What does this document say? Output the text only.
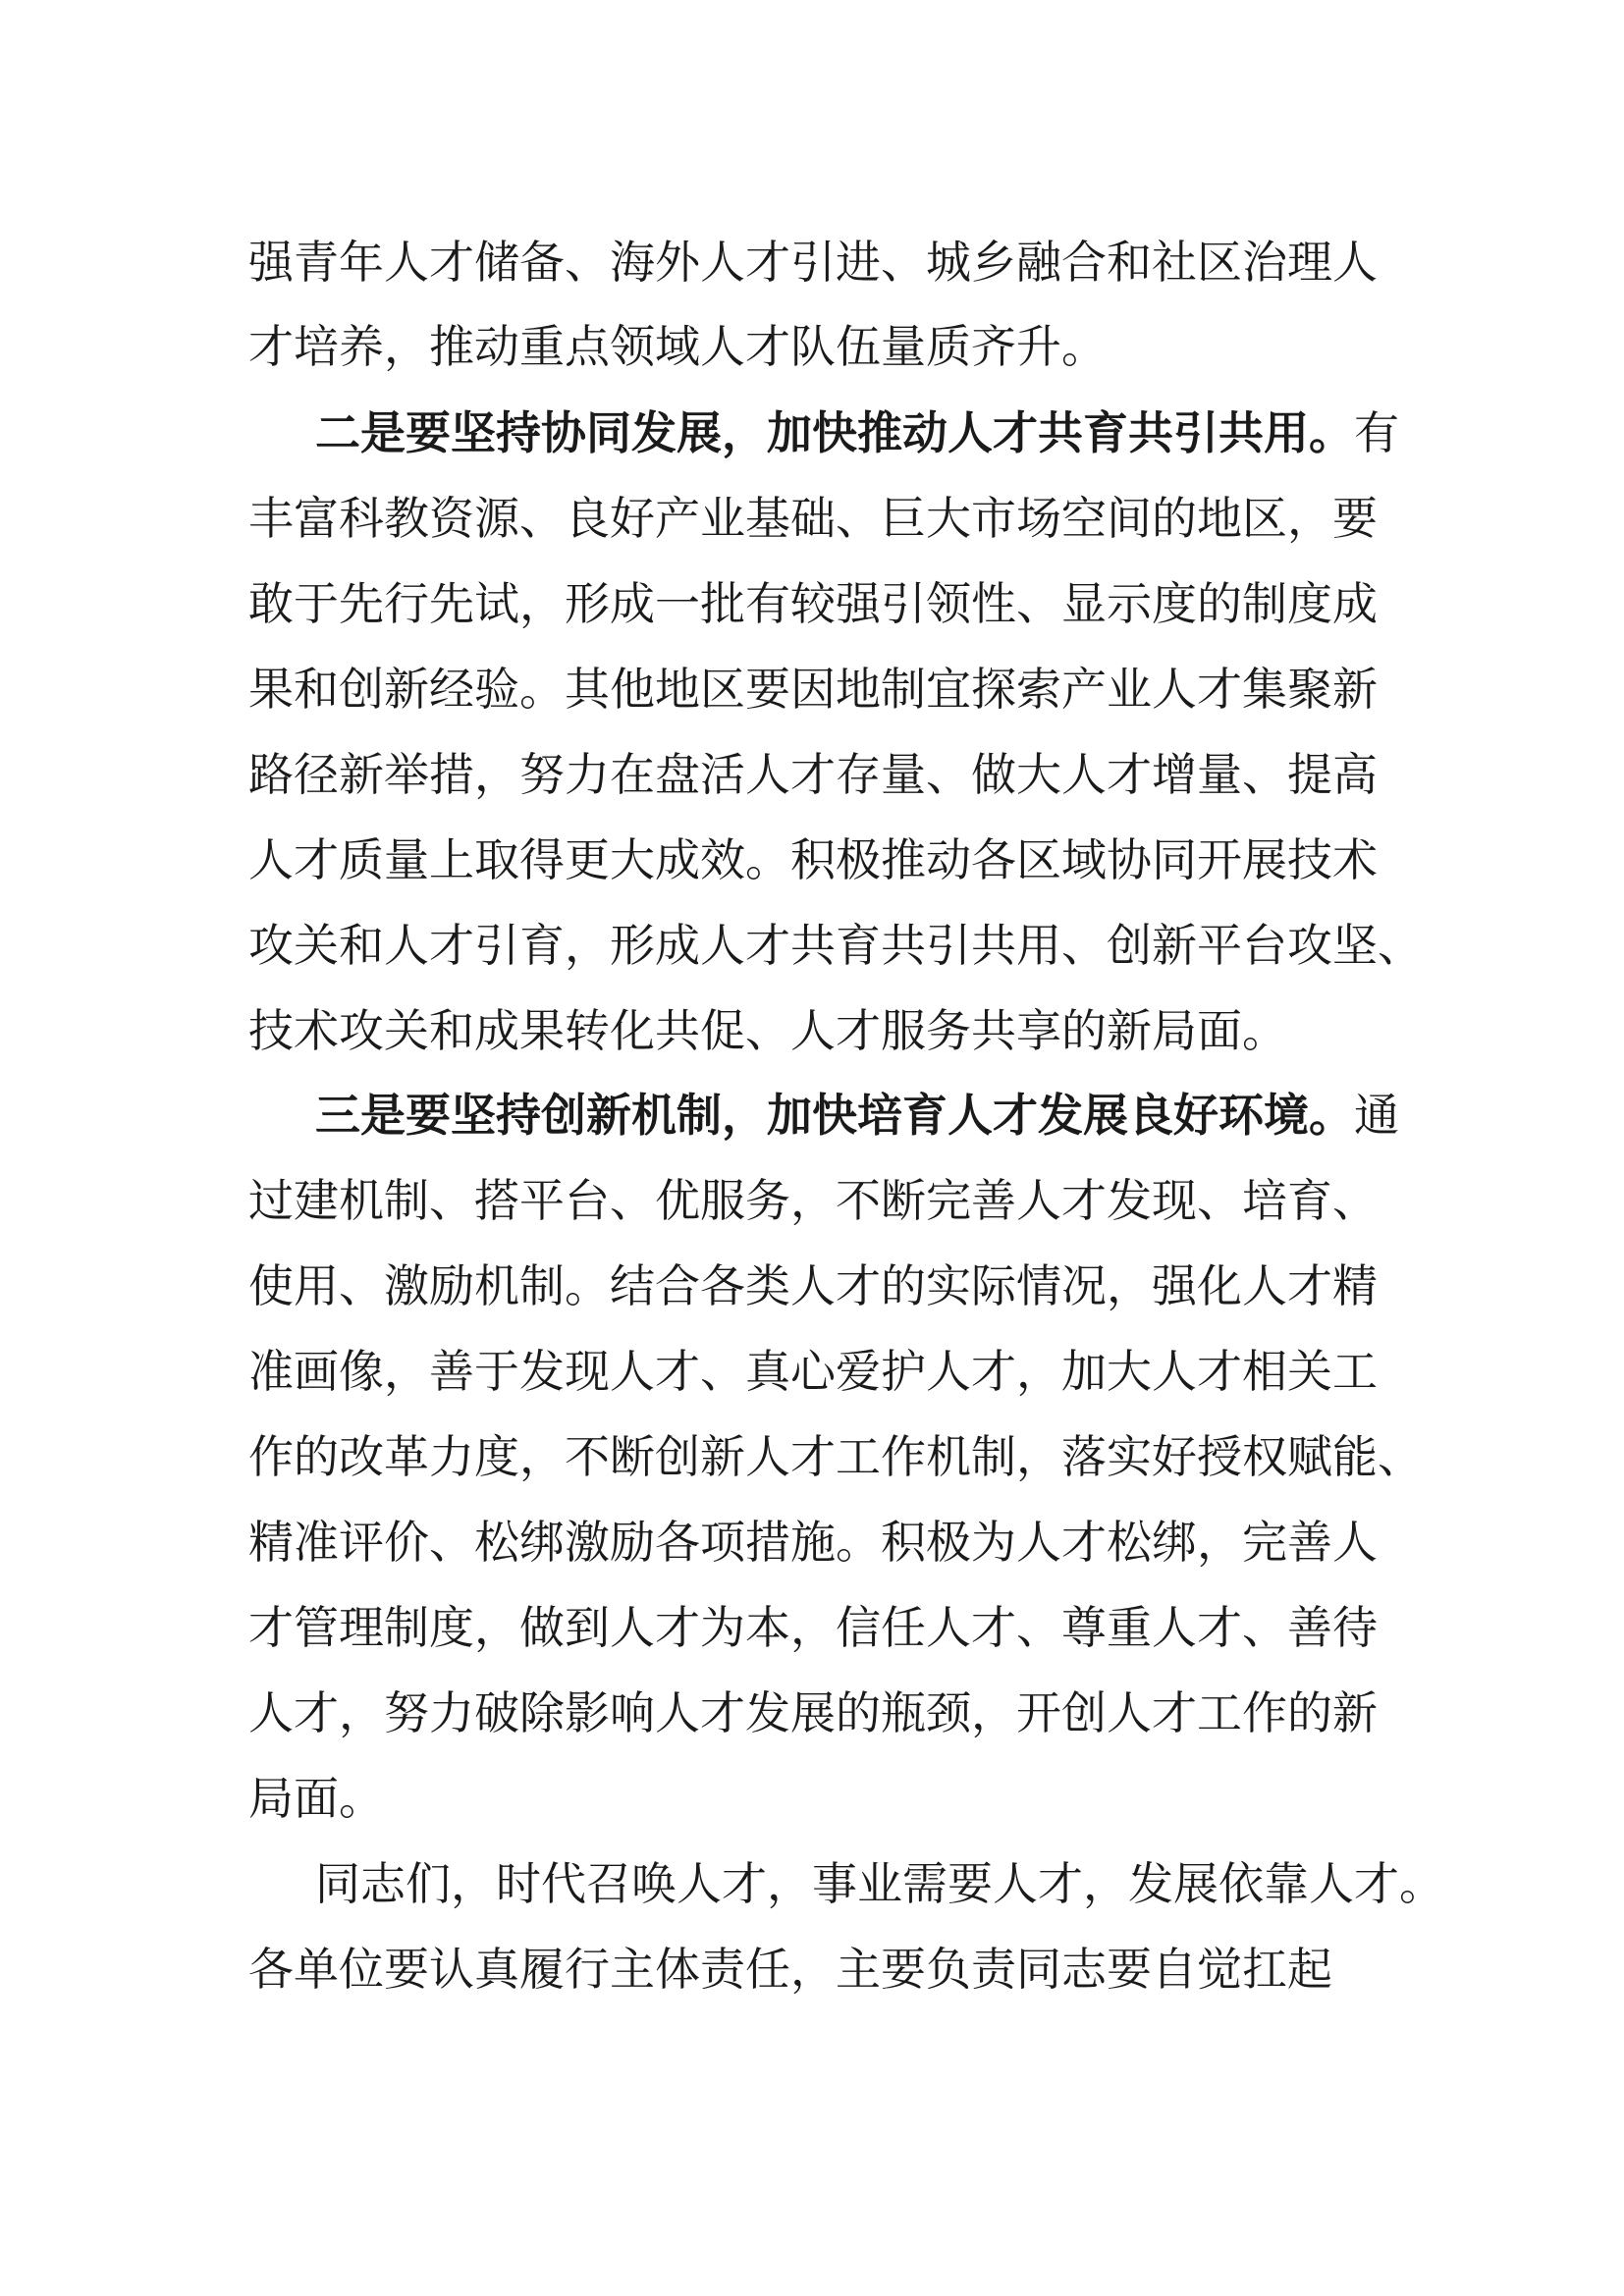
强青年人才储备、海外人才引进、城乡融合和社区治理人
才培养，推动重点领域人才队伍量质齐升。
二是要坚持协同发展，加快推动人才共育共引共用。有
丰富科教资源、良好产业基础、巨大市场空间的地区，要
敢于先行先试，形成一批有较强引领性、显示度的制度成
果和创新经验。其他地区要因地制宜探索产业人才集聚新
路径新举措，努力在盘活人才存量、做大人才增量、提高
人才质量上取得更大成效。积极推动各区域协同开展技术
攻关和人才引育，形成人才共育共引共用、创新平台攻坚、
技术攻关和成果转化共促、人才服务共享的新局面。
三是要坚持创新机制，加快培育人才发展良好环境。通
过建机制、搭平台、优服务，不断完善人才发现、培育、
使用、激励机制。结合各类人才的实际情况，强化人才精
准画像，善于发现人才、真心爱护人才，加大人才相关工
作的改革力度，不断创新人才工作机制，落实好授权赋能、
精准评价、松绑激励各项措施。积极为人才松绑，完善人
才管理制度，做到人才为本，信任人才、尊重人才、善待
人才，努力破除影响人才发展的瓶颈，开创人才工作的新
局面。
同志们，时代召唤人才，事业需要人才，发展依靠人才。
各单位要认真履行主体责任，主要负责同志要自觉扛起
